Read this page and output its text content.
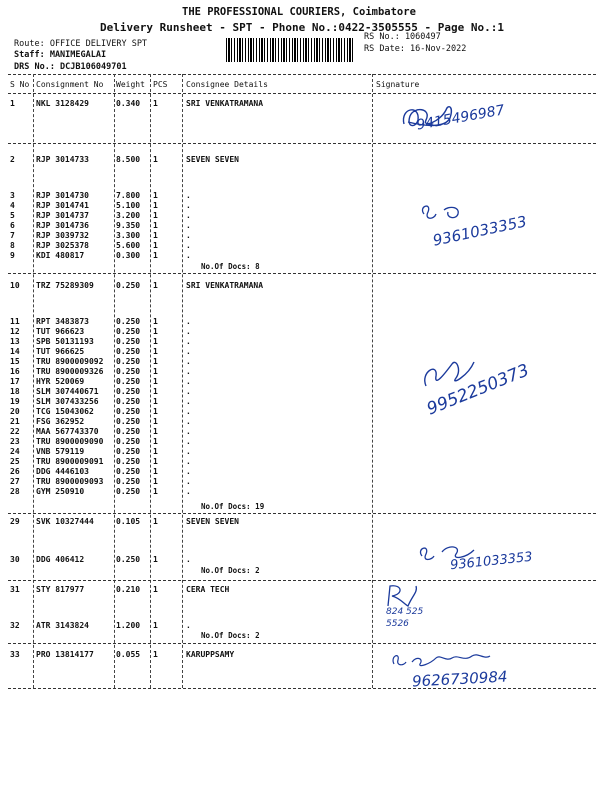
THE PROFESSIONAL COURIERS, Coimbatore
Delivery Runsheet - SPT - Phone No.:0422-3505555 - Page No.:1
Route: OFFICE DELIVERY SPT
Staff: MANIMEGALAI
DRS No.: DCJB106049701
RS No.: 1060497
RS Date: 16-Nov-2022
S No Consignment No Weight PCS Consignee Details	Signature
1	NKL 3128429	0.340 1	SRI VENKATRAMANA
2	RJP 3014733	8.500 1	SEVEN SEVEN
3	RJP 3014730	7.800 1	.
4	RJP 3014741	5.100 1	.
5	RJP 3014737	3.200 1	.
6	RJP 3014736	9.350 1	.
7	RJP 3039732	3.300 1	.
8	RJP 3025378	5.600 1	.
9	KDI 480817	0.300 1	.
No.Of Docs: 8
10 TRZ 75289309	0.250 1	SRI VENKATRAMANA
11 RPT 3483873	0.250 1	.
12 TUT 966623	0.250 1	.
13 SPB 50131193	0.250 1	.
14 TUT 966625	0.250 1	.
15 TRU 8900009092 0.250 1	.
16 TRU 8900009326 0.250 1	.
17 HYR 520069	0.250 1	.
18 SLM 307440671 0.250 1	.
19 SLM 307433256 0.250 1	.
20 TCG 15043062	0.250 1	.
21 FSG 362952	0.250 1	.
22 MAA 567743370 0.250 1	.
23 TRU 8900009090 0.250 1	.
24 VNB 579119	0.250 1	.
25 TRU 8900009091 0.250 1	.
26 DDG 4446103	0.250 1	.
27 TRU 8900009093 0.250 1	.
28 GYM 250910	0.250 1	.
No.Of Docs: 19
29 SVK 10327444	0.105 1	SEVEN SEVEN
30 DDG 406412	0.250 1	.
No.Of Docs: 2
31 STY 817977	0.210 1	CERA TECH
32 ATR 3143824	1.200 1	.
No.Of Docs: 2
33 PRO 13814177	0.055 1	KARUPPSAMY
9415496987
9361033353
9952250373
9361033353
824 525 5526
9626730984
